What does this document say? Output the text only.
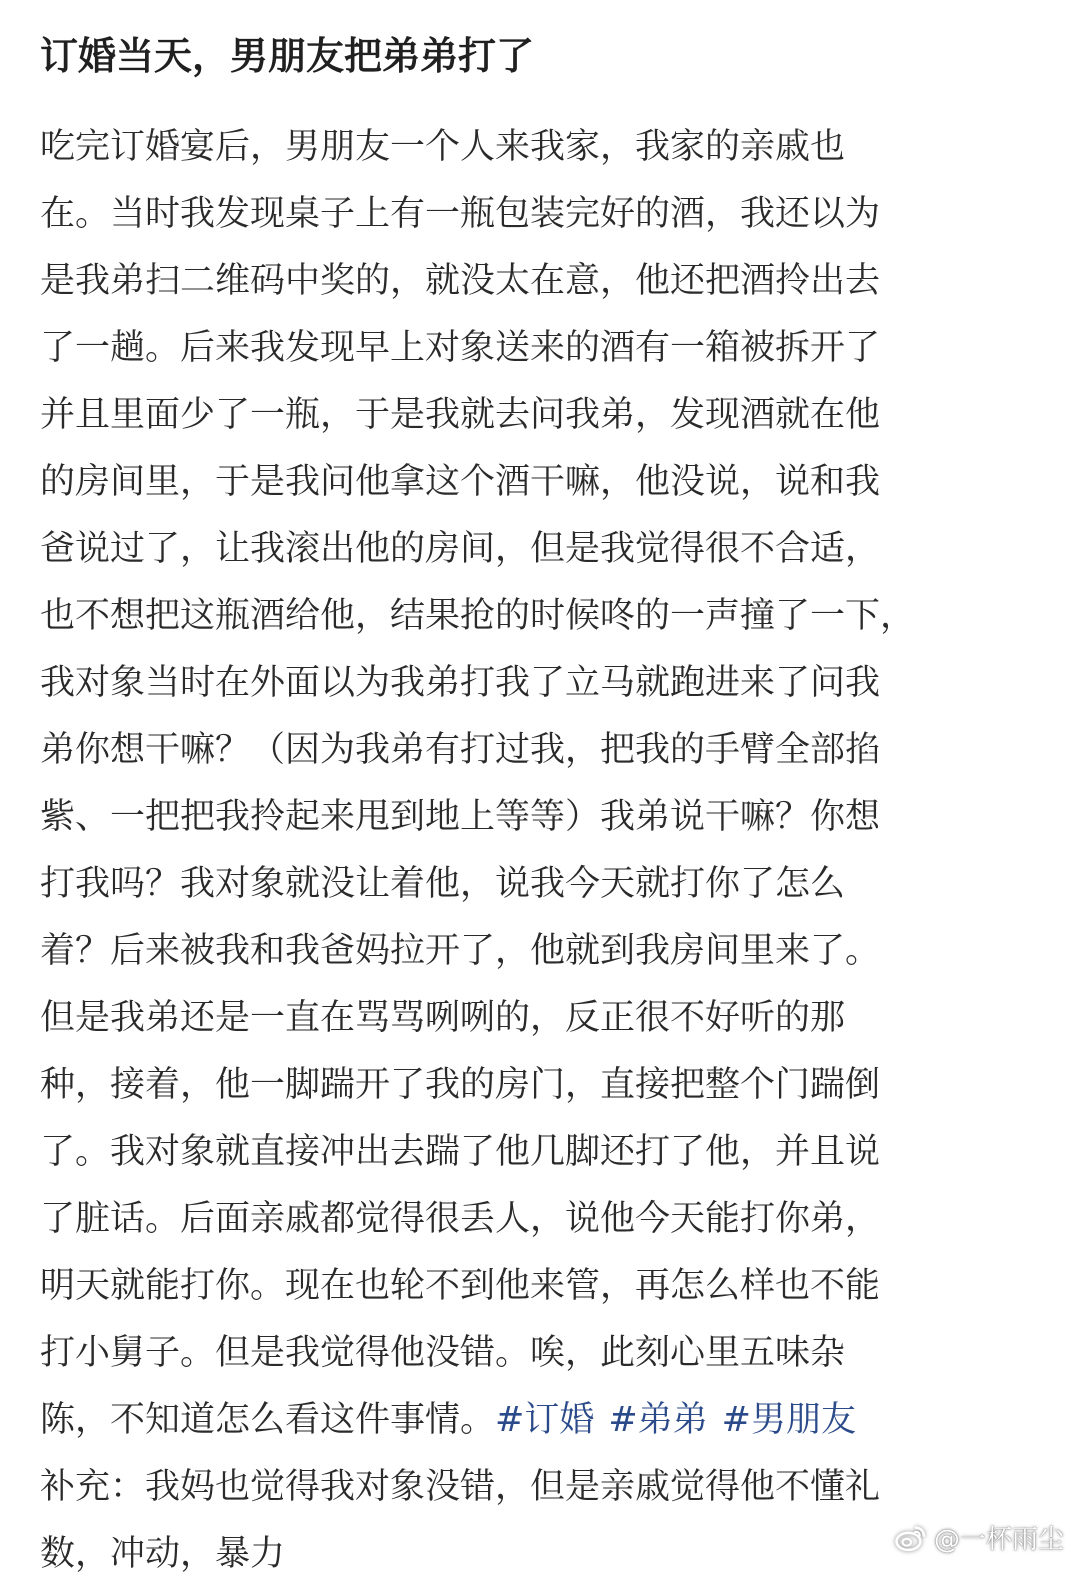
订婚当天，男朋友把弟弟打了
吃完订婚宴后，男朋友一个人来我家，我家的亲戚也
在。当时我发现桌子上有一瓶包装完好的酒，我还以为
是我弟扫二维码中奖的，就没太在意，他还把酒拎出去
了一趟。后来我发现早上对象送来的酒有一箱被拆开了
并且里面少了一瓶，于是我就去问我弟，发现酒就在他
的房间里，于是我问他拿这个酒干嘛，他没说，说和我
爸说过了，让我滚出他的房间，但是我觉得很不合适，
也不想把这瓶酒给他，结果抢的时候咚的一声撞了一下，
我对象当时在外面以为我弟打我了立马就跑进来了问我
弟你想干嘛？（因为我弟有打过我，把我的手臂全部掐
紫、一把把我拎起来甩到地上等等）我弟说干嘛？你想
打我吗？我对象就没让着他，说我今天就打你了怎么
着？后来被我和我爸妈拉开了，他就到我房间里来了。
但是我弟还是一直在骂骂咧咧的，反正很不好听的那
种，接着，他一脚踹开了我的房门，直接把整个门踹倒
了。我对象就直接冲出去踹了他几脚还打了他，并且说
了脏话。后面亲戚都觉得很丢人，说他今天能打你弟，
明天就能打你。现在也轮不到他来管，再怎么样也不能
打小舅子。但是我觉得他没错。唉，此刻心里五味杂
陈，不知道怎么看这件事情。#订婚 #弟弟 #男朋友
补充：我妈也觉得我对象没错，但是亲戚觉得他不懂礼
数，冲动，暴力	@一杯雨尘
